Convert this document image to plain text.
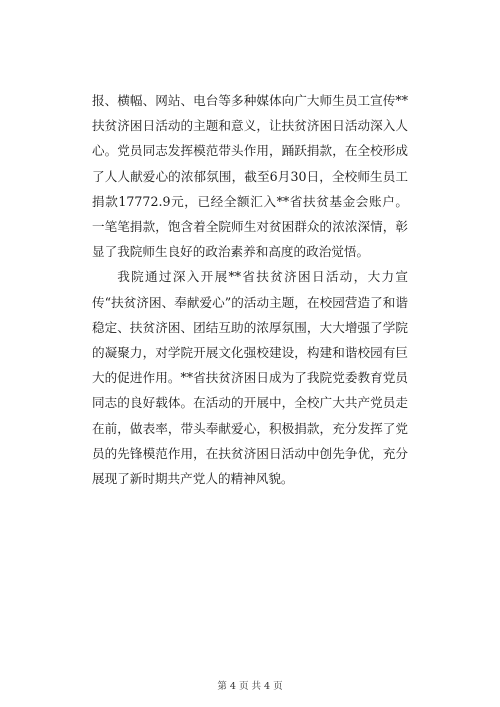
报、横幅、网站、电台等多种媒体向广大师生员工宣传**扶贫济困日活动的主题和意义，让扶贫济困日活动深入人心。党员同志发挥模范带头作用，踊跃捐款，在全校形成了人人献爱心的浓郁氛围，截至6月30日，全校师生员工捐款17772.9元，已经全额汇入**省扶贫基金会账户。一笔笔捐款，饱含着全院师生对贫困群众的浓浓深情，彰显了我院师生良好的政治素养和高度的政治觉悟。

我院通过深入开展**省扶贫济困日活动，大力宣传“扶贫济困、奉献爱心”的活动主题，在校园营造了和谐稳定、扶贫济困、团结互助的浓厚氛围，大大增强了学院的凝聚力，对学院开展文化强校建设，构建和谐校园有巨大的促进作用。**省扶贫济困日成为了我院党委教育党员同志的良好载体。在活动的开展中，全校广大共产党员走在前，做表率，带头奉献爱心，积极捐款，充分发挥了党员的先锋模范作用，在扶贫济困日活动中创先争优，充分展现了新时期共产党人的精神风貌。

第 4 页 共 4 页
